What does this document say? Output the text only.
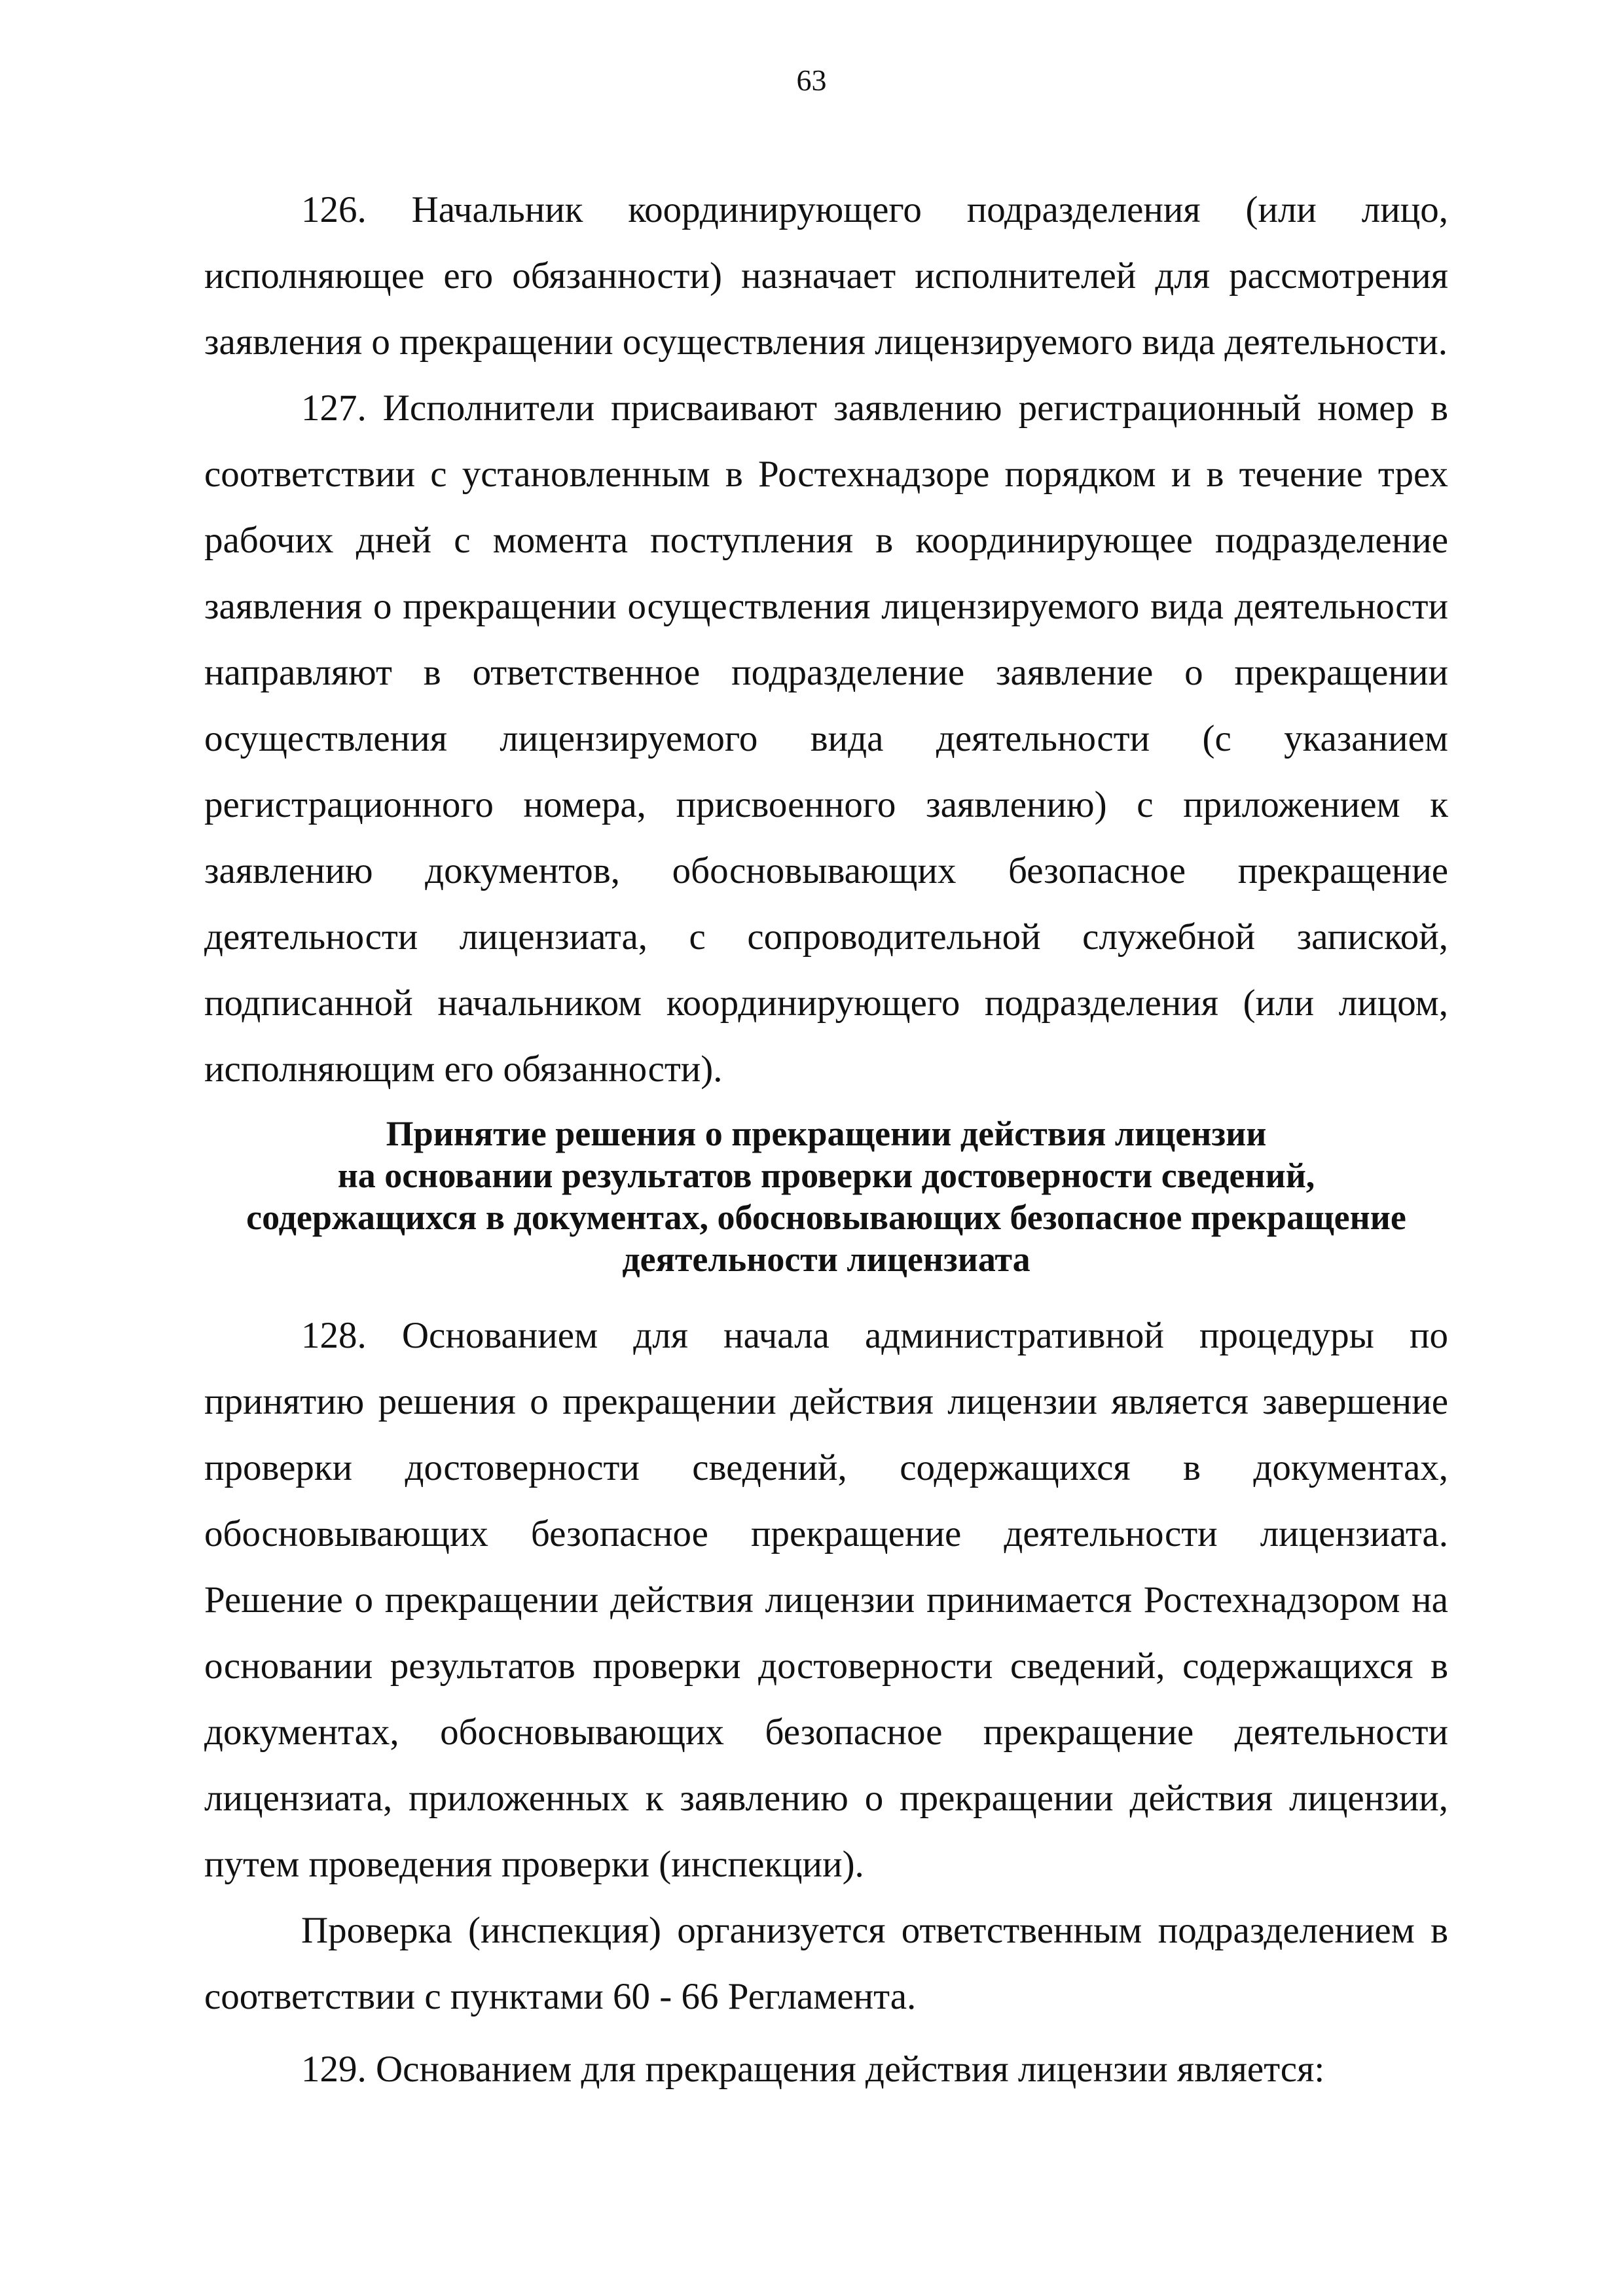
63

126. Начальник координирующего подразделения (или лицо, исполняющее его обязанности) назначает исполнителей для рассмотрения заявления о прекращении осуществления лицензируемого вида деятельности.

127. Исполнители присваивают заявлению регистрационный номер в соответствии с установленным в Ростехнадзоре порядком и в течение трех рабочих дней с момента поступления в координирующее подразделение заявления о прекращении осуществления лицензируемого вида деятельности направляют в ответственное подразделение заявление о прекращении осуществления лицензируемого вида деятельности (с указанием регистрационного номера, присвоенного заявлению) с приложением к заявлению документов, обосновывающих безопасное прекращение деятельности лицензиата, с сопроводительной служебной запиской, подписанной начальником координирующего подразделения (или лицом, исполняющим его обязанности).

Принятие решения о прекращении действия лицензии
на основании результатов проверки достоверности сведений,
содержащихся в документах, обосновывающих безопасное прекращение
деятельности лицензиата

128. Основанием для начала административной процедуры по принятию решения о прекращении действия лицензии является завершение проверки достоверности сведений, содержащихся в документах, обосновывающих безопасное прекращение деятельности лицензиата. Решение о прекращении действия лицензии принимается Ростехнадзором на основании результатов проверки достоверности сведений, содержащихся в документах, обосновывающих безопасное прекращение деятельности лицензиата, приложенных к заявлению о прекращении действия лицензии, путем проведения проверки (инспекции).

Проверка (инспекция) организуется ответственным подразделением в соответствии с пунктами 60 - 66 Регламента.

129. Основанием для прекращения действия лицензии является:
